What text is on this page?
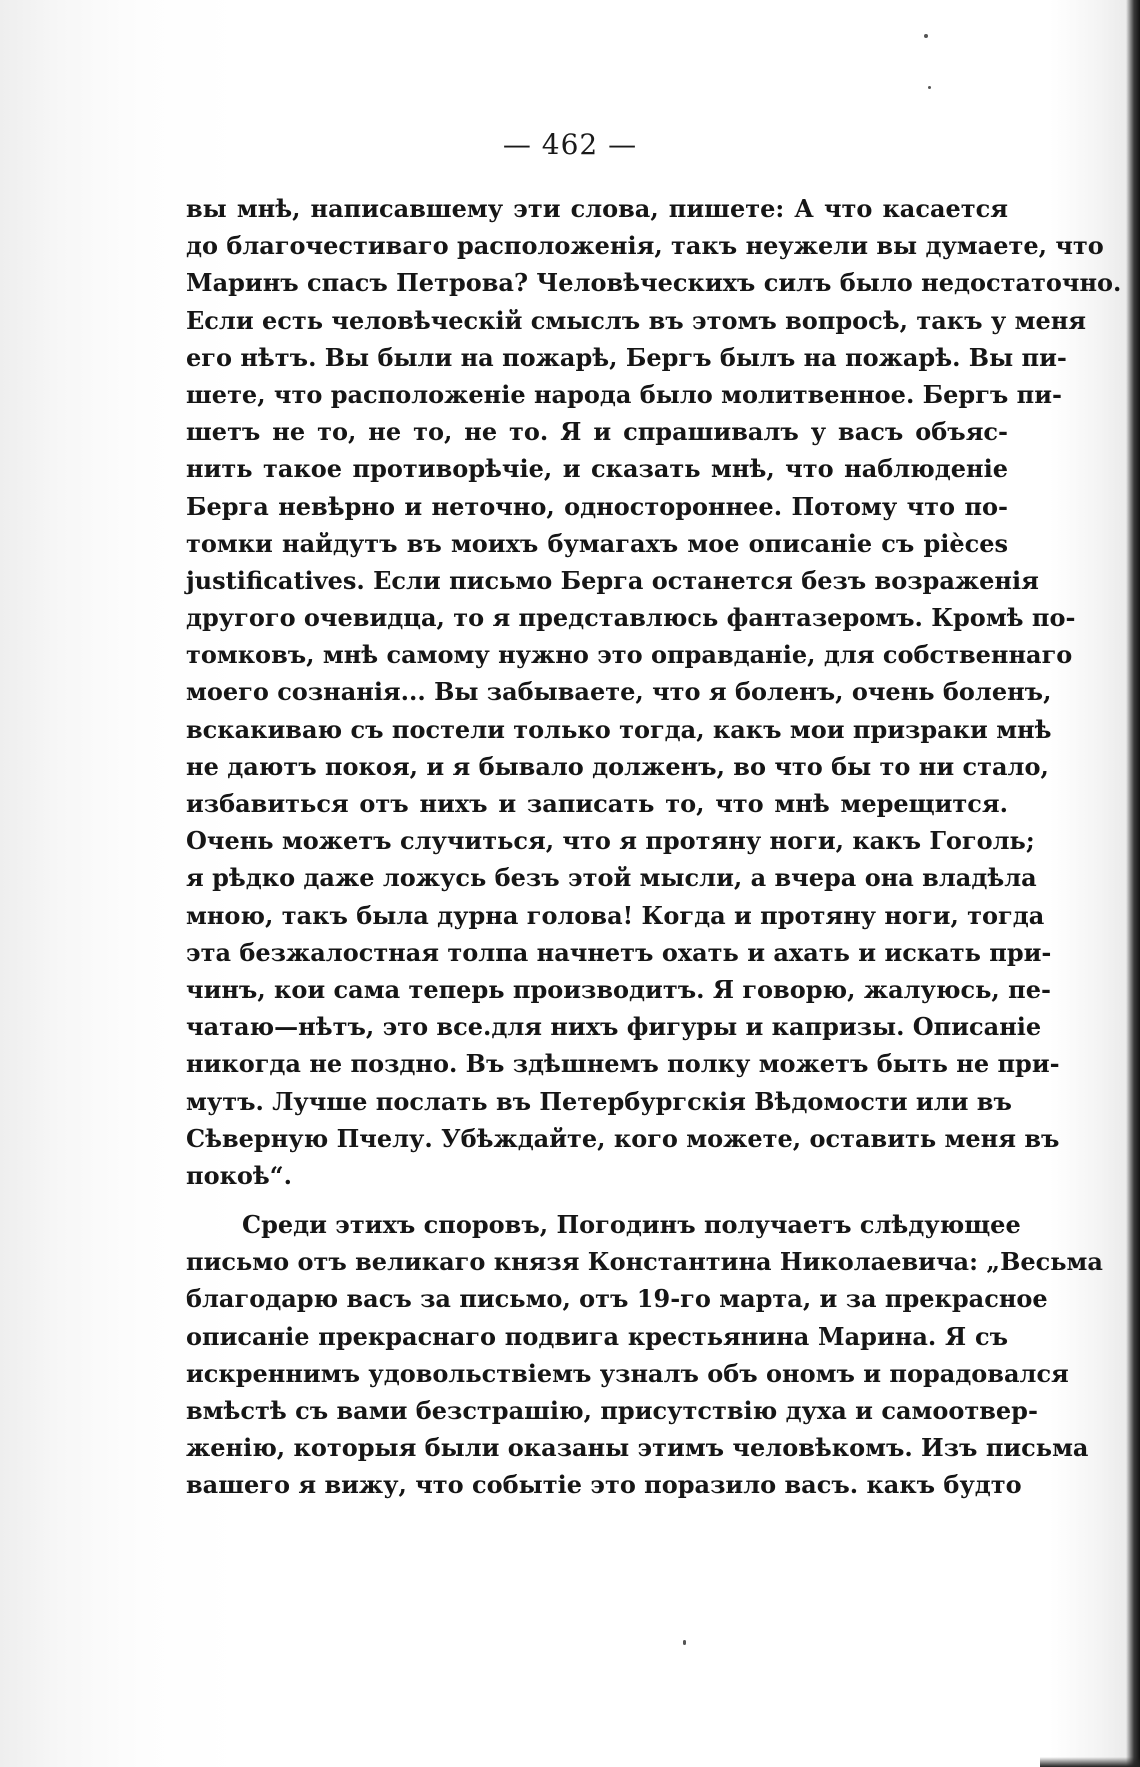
— 462 —
вы мнѣ, написавшему эти слова, пишете: А что касается
до благочестиваго расположенія, такъ неужели вы думаете, что
Маринъ спасъ Петрова? Человѣческихъ силъ было недостаточно.
Если есть человѣческій смыслъ въ этомъ вопросѣ, такъ у меня
его нѣтъ. Вы были на пожарѣ, Бергъ былъ на пожарѣ. Вы пи-
шете, что расположеніе народа было молитвенное. Бергъ пи-
шетъ не то, не то, не то. Я и спрашивалъ у васъ объяс-
нить такое противорѣчіе, и сказать мнѣ, что наблюденіе
Берга невѣрно и неточно, одностороннее. Потому что по-
томки найдутъ въ моихъ бумагахъ мое описаніе съ pièces
justificatives. Если письмо Берга останется безъ возраженія
другого очевидца, то я представлюсь фантазеромъ. Кромѣ по-
томковъ, мнѣ самому нужно это оправданіе, для собственнаго
моего сознанія... Вы забываете, что я боленъ, очень боленъ,
вскакиваю съ постели только тогда, какъ мои призраки мнѣ
не даютъ покоя, и я бывало долженъ, во что бы то ни стало,
избавиться отъ нихъ и записать то, что мнѣ мерещится.
Очень можетъ случиться, что я протяну ноги, какъ Гоголь;
я рѣдко даже ложусь безъ этой мысли, а вчера она владѣла
мною, такъ была дурна голова! Когда и протяну ноги, тогда
эта безжалостная толпа начнетъ охать и ахать и искать при-
чинъ, кои сама теперь производитъ. Я говорю, жалуюсь, пе-
чатаю—нѣтъ, это все.для нихъ фигуры и капризы. Описаніе
никогда не поздно. Въ здѣшнемъ полку можетъ быть не при-
мутъ. Лучше послать въ Петербургскія Вѣдомости или въ
Сѣверную Пчелу. Убѣждайте, кого можете, оставить меня въ
покоѣ“.
Среди этихъ споровъ, Погодинъ получаетъ слѣдующее
письмо отъ великаго князя Константина Николаевича: „Весьма
благодарю васъ за письмо, отъ 19-го марта, и за прекрасное
описаніе прекраснаго подвига крестьянина Марина. Я съ
искреннимъ удовольствіемъ узналъ объ ономъ и порадовался
вмѣстѣ съ вами безстрашію, присутствію духа и самоотвер-
женію, которыя были оказаны этимъ человѣкомъ. Изъ письма
вашего я вижу, что событіе это поразило васъ. какъ будто
